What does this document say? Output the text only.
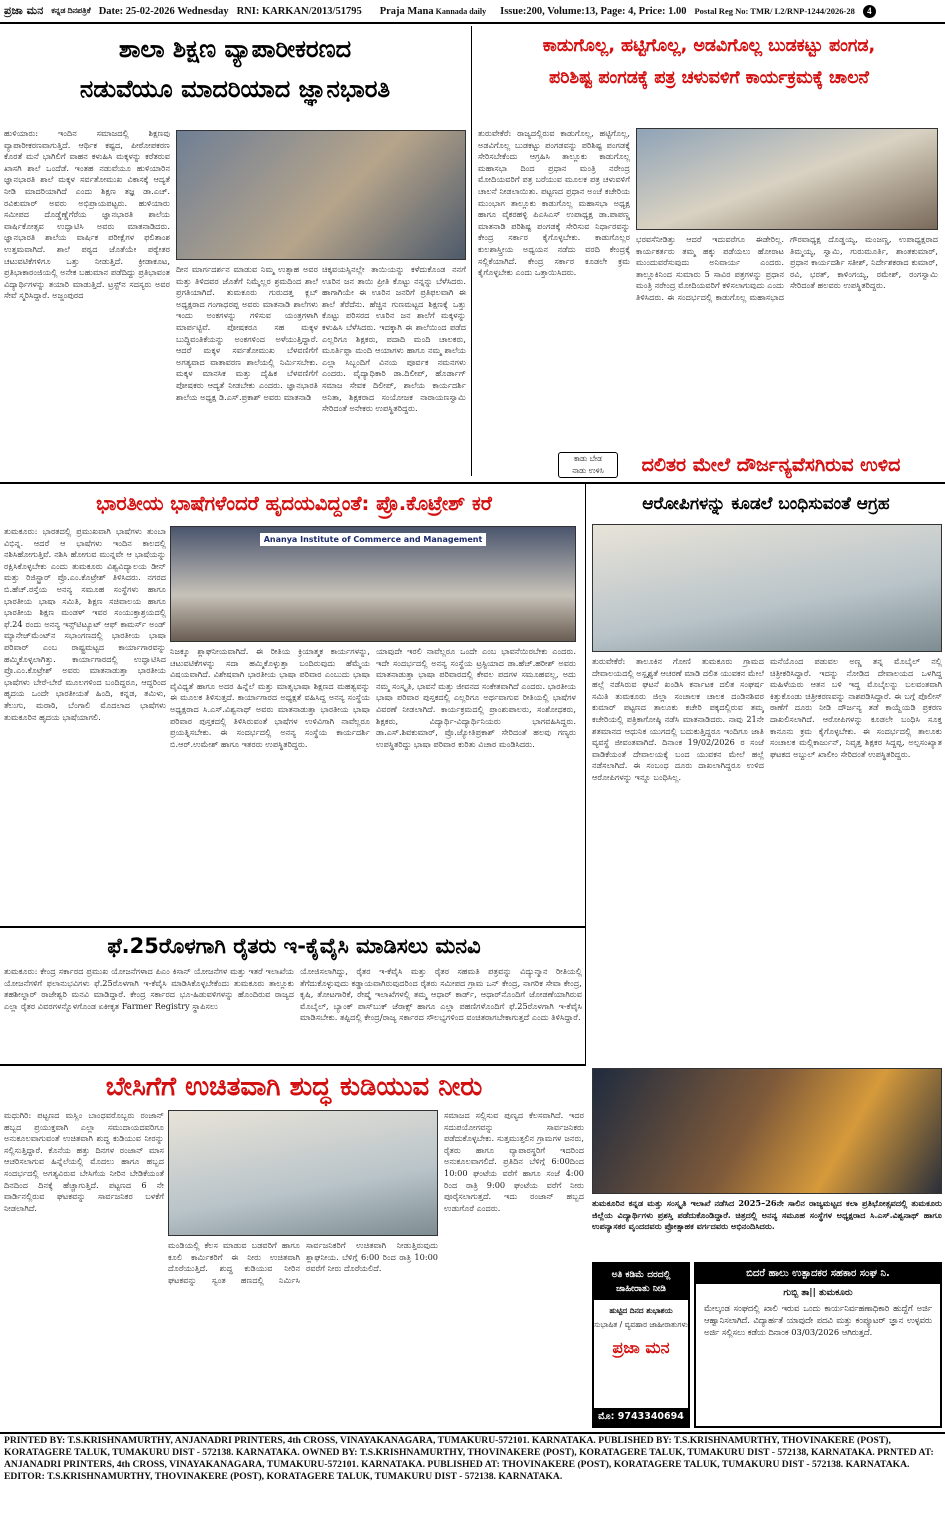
ಪ್ರಜಾ ಮನ ಕನ್ನಡ ದಿನಪತ್ರಿಕೆ Date: 25-02-2026 Wednesday RNI: KARKAN/2013/51795 Praja Mana Kannada daily Issue:200, Volume:13, Page: 4, Price: 1.00 Postal Reg No: TMR/ L2/RNP-1244/2026-28	4
ಶಾಲಾ ಶಿಕ್ಷಣ ವ್ಯಾಪಾರೀಕರಣದ
ನಡುವೆಯೂ ಮಾದರಿಯಾದ ಜ್ಞಾನಭಾರತಿ
ಹುಳಿಯಾರು: ಇಂದಿನ ಸಮಾಜದಲ್ಲಿ ಶಿಕ್ಷಣವು ವ್ಯಾಪಾರೀಕರಣವಾಗುತ್ತಿದೆ. ಆರ್ಥಿಕ ಕಷ್ಟದ, ಪೀಠೋಪಕರಣ ಕೊರತೆ ಮನೆ ಭಾಗಿಲಿಗೆ ವಾಹನ ಕಳುಹಿಸಿ ಮಕ್ಕಳನ್ನು ಕರೆತರುವ ಖಾಸಗಿ ಶಾಲೆ ಒಂದೆಡೆ. ಇಂತಹ ನಡುವೆಯೂ ಹುಳಿಯಾರಿನ ಜ್ಞಾನಭಾರತಿ ಶಾಲೆ ಮಕ್ಕಳ ಸರ್ವತೋಮುಖ ವಿಕಾಸಕ್ಕೆ ಆದ್ಯತೆ ನೀಡಿ ಮಾದರಿಯಾಗಿದೆ ಎಂದು ಶಿಕ್ಷಣ ತಜ್ಞ ಡಾ.ಎಚ್. ರವಿಕುಮಾರ್ ಅವರು ಅಭಿಪ್ರಾಯಪಟ್ಟರು. ಹುಳಿಯಾರು ಸಮೀಪದ ದೊಡ್ಡೆಣ್ಣೆಗೆರೆಯ ಜ್ಞಾನಭಾರತಿ ಶಾಲೆಯ ವಾರ್ಷಿಕೋತ್ಸವ ಉದ್ಘಾಟಿಸಿ ಅವರು ಮಾತನಾಡಿದರು. ಜ್ಞಾನಭಾರತಿ ಶಾಲೆಯ ವಾರ್ಷಿಕ ಪರೀಕ್ಷೆಗಳ ಫಲಿತಾಂಶ ಉತ್ತಮವಾಗಿದೆ. ಶಾಲೆ ಪಠ್ಯದ ಜೊತೆಯೇ ಪಠ್ಯೇತರ ಚಟುವಟಿಕೆಗಳಿಗೂ ಒತ್ತು ನೀಡುತ್ತಿದೆ. ಕ್ರೀಡಾಕೂಟ, ಪ್ರತಿಭಾಕಾರಂಜಿಯಲ್ಲಿ ಅನೇಕ ಬಹುಮಾನ ಪಡೆದಿದ್ದು ಪ್ರತಿಭಾವಂತ ವಿದ್ಯಾರ್ಥಿಗಳನ್ನು ತಯಾರಿ ಮಾಡುತ್ತಿದೆ. ಟ್ರಸ್ಟ್‌ನ ಸದಸ್ಯರು ಅವರ ಸೇವೆ ಸ್ಮರಿಸಿದ್ದಾರೆ. ಅಜ್ಜಂಪುರದ
ದೀನ ಮಾರ್ಗದರ್ಶನ ಮಾಡುವ ನಿಮ್ಮ ಉತ್ಸಾಹ ಅವರ ಮತ್ತು ತಿಳಿದವರ ಜೊತೆಗೆ ನಿಮ್ಮೆಲ್ಲರ ಶ್ರಮದಿಂದ ಶಾಲೆ ಪ್ರಗತಿಯಾಗಿದೆ. ತುಮಕೂರು ಗುರುದತ್ತ ಕ್ಲಬ್ ಅಧ್ಯಕ್ಷರಾದ ಗಂಗಾಧರಪ್ಪ ಅವರು ಮಾತನಾಡಿ ಶಾಲೆಗಳು ಇಂದು ಅಂಕಗಳನ್ನು ಗಳಿಸುವ ಯಂತ್ರಗಳಾಗಿ ಮಾರ್ಪಟ್ಟಿವೆ. ಪೋಷಕರೂ ಸಹ ಮಕ್ಕಳ ಬುದ್ಧಿವಂತಿಕೆಯನ್ನು ಅಂಕಗಳಿಂದ ಅಳೆಯುತ್ತಿದ್ದಾರೆ. ಆದರೆ ಮಕ್ಕಳ ಸರ್ವತೋಮುಖ ಬೆಳವಣಿಗೆಗೆ ಅಗತ್ಯವಾದ ವಾತಾವರಣ ಶಾಲೆಯಲ್ಲಿ ನಿರ್ಮಿಸಬೇಕು. ಮಕ್ಕಳ ಮಾನಸಿಕ ಮತ್ತು ದೈಹಿಕ ಬೆಳವಣಿಗೆಗೆ ಪೋಷಕರು ಆದ್ಯತೆ ನೀಡಬೇಕು ಎಂದರು. ಜ್ಞಾನಭಾರತಿ ಶಾಲೆಯ ಅಧ್ಯಕ್ಷ ಡಿ.ಎಸ್.ಪ್ರಕಾಶ್ ಅವರು ಮಾತನಾಡಿ
ಚಿಕ್ಕವಯಸ್ಸಿನಲ್ಲೇ ತಾಯಿಯನ್ನು ಕಳೆದುಕೊಂಡ ನನಗೆ ಊರಿನ ಜನ ತಾಯಿ ಪ್ರೀತಿ ಕೊಟ್ಟು ನನ್ನನ್ನು ಬೆಳೆಸಿದರು. ಹಾಗಾಗಿಯೇ ಈ ಊರಿನ ಜನರಿಗೆ ಪ್ರತಿಫಲವಾಗಿ ಈ ಶಾಲೆ ತೆರೆದೆನು. ಹೆಚ್ಚಿನ ಗುಣಮಟ್ಟದ ಶಿಕ್ಷಣಕ್ಕೆ ಒತ್ತು ಕೊಟ್ಟು ಪರಿಸರದ ಊರಿನ ಜನ ಶಾಲೆಗೆ ಮಕ್ಕಳನ್ನು ಕಳುಹಿಸಿ ಬೆಳೆಸಿದರು. ಇದಕ್ಕಾಗಿ ಈ ಶಾಲೆಯಿಂದ ಪಡೆದ ಎಲ್ಲರಿಗೂ ಶಿಕ್ಷಕರು, ಪದಾದಿ ಮಂದಿ ಚಾಲಕರು, ಮೂರ್ತಿಪ್ಪಾ ಮಂದಿ ಆಯಾಗಳು ಹಾಗೂ ನಮ್ಮ ಶಾಲೆಯ ಎಲ್ಲಾ ಸಿಬ್ಬಂದಿಗೆ ವಿನಯ ಪೂರ್ವಕ ನಮನಗಳು ಎಂದರು. ವೈದ್ಯಾಧಿಕಾರಿ ಡಾ.ದಿಲೀಪ್, ಹೊರ್ಡಾಗ್ ಸಮಾಜ ಸೇವಕ ದಿಲೀಪ್, ಶಾಲೆಯ ಕಾರ್ಯದರ್ಶಿ ಅನಿತಾ, ಶಿಕ್ಷಕರಾದ ಸಂಯೋಜಕ ನಾರಾಯಣಸ್ವಾಮಿ ಸೇರಿದಂತೆ ಅನೇಕರು ಉಪಸ್ಥಿತರಿದ್ದರು.
ಕಾಡುಗೊಲ್ಲ, ಹಟ್ಟಿಗೊಲ್ಲ, ಅಡವಿಗೊಲ್ಲ ಬುಡಕಟ್ಟು ಪಂಗಡ,
ಪರಿಶಿಷ್ಟ ಪಂಗಡಕ್ಕೆ ಪತ್ರ ಚಳುವಳಿಗೆ ಕಾರ್ಯಕ್ರಮಕ್ಕೆ ಚಾಲನೆ
ತುರುವೇಕೆರೆ: ರಾಜ್ಯದಲ್ಲಿರುವ ಕಾಡುಗೊಲ್ಲ, ಹಟ್ಟಿಗೊಲ್ಲ, ಅಡವಿಗೊಲ್ಲ ಬುಡಕಟ್ಟು ಪಂಗಡವನ್ನು ಪರಿಶಿಷ್ಟ ಪಂಗಡಕ್ಕೆ ಸೇರಿಸಬೇಕೆಂದು ಆಗ್ರಹಿಸಿ ತಾಲ್ಲೂಕು ಕಾಡುಗೊಲ್ಲ ಮಹಾಸಭಾ ದಿಂದ ಪ್ರಧಾನ ಮಂತ್ರಿ ನರೇಂದ್ರ ಮೋದಿಯವರಿಗೆ ಪತ್ರ ಬರೆಯುವ ಮೂಲಕ ಪತ್ರ ಚಳುವಳಿಗೆ ಚಾಲನೆ ನೀಡಲಾಯಿತು. ಪಟ್ಟಣದ ಪ್ರಧಾನ ಅಂಚೆ ಕಚೇರಿಯ ಮುಂಭಾಗ ತಾಲ್ಲೂಕು ಕಾಡುಗೊಲ್ಲ ಮಹಾಸಭಾ ಅಧ್ಯಕ್ಷ ಹಾಗೂ ವೈಕರಹಳ್ಳಿ ಪಿಎಸಿಎಸ್ ಉಪಾಧ್ಯಕ್ಷ ಡಾ.ಪಾಪಣ್ಣ ಮಾತನಾಡಿ ಪರಿಶಿಷ್ಟ ಪಂಗಡಕ್ಕೆ ಸೇರಿಸುವ ನಿರ್ಧಾರವನ್ನು ಕೇಂದ್ರ ಸರ್ಕಾರ ಕೈಗೊಳ್ಳಬೇಕು. ಕಾಡುಗೊಲ್ಲರ ಕುಲಶಾಸ್ತ್ರೀಯ ಅಧ್ಯಯನ ನಡೆದು ವರದಿ ಕೇಂದ್ರಕ್ಕೆ ಸಲ್ಲಿಕೆಯಾಗಿದೆ. ಕೇಂದ್ರ ಸರ್ಕಾರ ಕೂಡಲೇ ಕ್ರಮ ಕೈಗೊಳ್ಳಬೇಕು ಎಂದು ಒತ್ತಾಯಿಸಿದರು.
ಭರವಸೆನೀಡಿತ್ತು ಆದರೆ ಇದುವರೆಗೂ ಈಡೇರಿಲ್ಲ. ಕಾರ್ಯಕರ್ತರು ತಮ್ಮ ಹಕ್ಕು ಪಡೆಯಲು ಹೋರಾಟ ಮುಂದುವರೆಸುವುದು ಅನಿವಾರ್ಯ ಎಂದರು. ತಾಲ್ಲೂಕಿನಿಂದ ಸುಮಾರು 5 ಸಾವಿರ ಪತ್ರಗಳನ್ನು ಪ್ರಧಾನ ಮಂತ್ರಿ ನರೇಂದ್ರ ಮೋದಿಯವರಿಗೆ ಕಳಿಸಲಾಗುವುದು ಎಂದು ತಿಳಿಸಿದರು. ಈ ಸಂದರ್ಭದಲ್ಲಿ ಕಾಡುಗೊಲ್ಲ ಮಹಾಸಭಾದ ಗೌರವಾಧ್ಯಕ್ಷ ದೊಡ್ಡಯ್ಯ, ಮಂಜಣ್ಣ, ಉಪಾಧ್ಯಕ್ಷರಾದ ತಿಮ್ಮಯ್ಯ, ಸ್ವಾಮಿ, ಗುರುಮೂರ್ತಿ, ಶಾಂತಕುಮಾರ್, ಪ್ರಧಾನ ಕಾರ್ಯದರ್ಶಿ ಸತೀಶ್, ನಿರ್ದೇಶಕರಾದ ಕುಮಾರ್, ರವಿ, ಭರತ್, ಕಾಳಿಂಗಯ್ಯ, ರಮೇಶ್, ರಂಗಸ್ವಾಮಿ ಸೇರಿದಂತೆ ಹಲವರು ಉಪಸ್ಥಿತರಿದ್ದರು.
ಕಾಡು ಬೇಡ
ನಾಡು ಉಳಿಸಿ	ದಲಿತರ ಮೇಲೆ ದೌರ್ಜನ್ಯವೆಸಗಿರುವ ಉಳಿದ
ಭಾರತೀಯ ಭಾಷೆಗಳೆಂದರೆ ಹೃದಯವಿದ್ದಂತೆ: ಪ್ರೊ.ಕೊಟ್ರೇಶ್ ಕರೆ	ಆರೋಪಿಗಳನ್ನು ಕೂಡಲೆ ಬಂಧಿಸುವಂತೆ ಆಗ್ರಹ
ತುಮಕೂರು: ಭಾರತದಲ್ಲಿ ಪ್ರಮುಖವಾಗಿ ಭಾಷೆಗಳು ತುಂಬಾ ವಿಭಿನ್ನ. ಆದರೆ ಆ ಭಾಷೆಗಳು ಇಂದಿನ ಕಾಲದಲ್ಲಿ ನಶಿಸಿಹೋಗುತ್ತಿವೆ. ನಶಿಸಿ ಹೋಗುವ ಮುನ್ನವೇ ಆ ಭಾಷೆಯನ್ನು ರಕ್ಷಿಸಿಕೊಳ್ಳಬೇಕು ಎಂದು ತುಮಕೂರು ವಿಶ್ವವಿದ್ಯಾಲಯ ಡೀನ್ ಮತ್ತು ರಿಜಿಸ್ಟ್ರಾರ್ ಪ್ರೊ.ಎಂ.ಕೊಟ್ರೇಶ್ ತಿಳಿಸಿದರು. ನಗರದ ಬಿ.ಹೆಚ್.ರಸ್ತೆಯ ಅನನ್ಯ ಸಮೂಹ ಸಂಸ್ಥೆಗಳು ಹಾಗೂ ಭಾರತೀಯ ಭಾಷಾ ಸಮಿತಿ, ಶಿಕ್ಷಣ ಸಚಿವಾಲಯ ಹಾಗೂ ಭಾರತೀಯ ಶಿಕ್ಷಣ ಮಂಡಳ್ ಇವರ ಸಂಯುಕ್ತಾಶ್ರಯದಲ್ಲಿ ಫೆ.24 ರಂದು ಅನನ್ಯ ಇನ್ಸ್‌ಟಿಟ್ಯೂಟ್ ಆಫ್ ಕಾಮರ್ಸ್ ಅಂಡ್ ಮ್ಯಾನೇಜ್‌ಮೆಂಟ್‌ನ ಸಭಾಂಗಣದಲ್ಲಿ ಭಾರತೀಯ ಭಾಷಾ ಪರಿವಾರ್ ಎಂಬ ರಾಷ್ಟ್ರಮಟ್ಟದ ಕಾರ್ಯಾಗಾರವನ್ನು ಹಮ್ಮಿಕೊಳ್ಳಲಾಗಿತ್ತು. ಕಾರ್ಯಾಗಾರದಲ್ಲಿ ಉದ್ಘಾಟಿಸಿದ ಪ್ರೊ.ಎಂ.ಕೊಟ್ರೇಶ್ ಅವರು ಮಾತನಾಡುತ್ತಾ ಭಾರತೀಯ ಭಾಷೆಗಳು ಬೇರೆ-ಬೇರೆ ಮೂಲಗಳಿಂದ ಬಂದಿದ್ದರೂ, ಆದ್ದರಿಂದ ಹೃದಯ ಒಂದೇ ಭಾರತೀಯತೆ ಹಿಂದಿ, ಕನ್ನಡ, ತಮಿಳು, ತೆಲುಗು, ಮರಾಠಿ, ಬೆಂಗಾಲಿ ಮೊದಲಾದ ಭಾಷೆಗಳು ತುಮಕೂರಿನ ಹೃದಯ ಭಾಷೆಯಾಗಲಿ.
Ananya Institute of Commerce and Management
ನಿಜಕ್ಕೂ ಶ್ಲಾಘನೀಯವಾಗಿದೆ. ಈ ರೀತಿಯ ಕ್ರಿಯಾತ್ಮಕ ಕಾರ್ಯಗಳನ್ನು, ಚಟುವಟಿಕೆಗಳನ್ನು ಸದಾ ಹಮ್ಮಿಕೊಳ್ಳುತ್ತಾ ಬಂದಿರುವುದು ಹೆಮ್ಮೆಯ ವಿಷಯವಾಗಿದೆ. ವಿಶೇಷವಾಗಿ ಭಾರತೀಯ ಭಾಷಾ ಪರಿವಾರ ಎಂಬುದು ಭಾಷಾ ವೈವಿಧ್ಯತೆ ಹಾಗೂ ಅದರ ಹಿನ್ನೆಲೆ ಮತ್ತು ಮಾತೃಭಾಷಾ ಶಿಕ್ಷಣದ ಮಹತ್ವವನ್ನು ಈ ಮೂಲಕ ತಿಳಿಸುತ್ತದೆ. ಕಾರ್ಯಾಗಾರದ ಅಧ್ಯಕ್ಷತೆ ವಹಿಸಿದ್ದ ಅನನ್ಯ ಸಂಸ್ಥೆಯ ಅಧ್ಯಕ್ಷರಾದ ಸಿ.ಎಸ್.ವಿಶ್ವನಾಥ್ ಅವರು ಮಾತನಾಡುತ್ತಾ ಭಾರತೀಯ ಭಾಷಾ ಪರಿವಾರ ಪುಸ್ತಕದಲ್ಲಿ ತಿಳಿಸಿರುವಂತೆ ಭಾಷೆಗಳ ಉಳಿವಿಗಾಗಿ ನಾವೆಲ್ಲರೂ ಪ್ರಯತ್ನಿಸಬೇಕು. ಈ ಸಂದರ್ಭದಲ್ಲಿ ಅನನ್ಯ ಸಂಸ್ಥೆಯ ಕಾರ್ಯದರ್ಶಿ ಬಿ.ಆರ್.ಉಮೇಶ್ ಹಾಗೂ ಇತರರು ಉಪಸ್ಥಿತರಿದ್ದರು.
ಯಾವುದೇ ಇರಲಿ ನಾವೆಲ್ಲರೂ ಒಂದೇ ಎಂಬ ಭಾವನೆಯಿರಬೇಕು ಎಂದರು. ಇದೇ ಸಂದರ್ಭದಲ್ಲಿ ಅನನ್ಯ ಸಂಸ್ಥೆಯ ಟ್ರಸ್ಟಿಯಾದ ಡಾ.ಹೆಚ್.ಹರೀಶ್ ಅವರು ಮಾತನಾಡುತ್ತಾ ಭಾಷಾ ಪರಿವಾರದಲ್ಲಿ ಕೇವಲ ಪದಗಳ ಸಮೂಹವಲ್ಲ, ಅದು ನಮ್ಮ ಸಂಸ್ಕೃತಿ, ಭಾವನೆ ಮತ್ತು ಜೀವನದ ಸಂಕೇತವಾಗಿದೆ ಎಂದರು. ಭಾರತೀಯ ಭಾಷಾ ಪರಿವಾರ ಪುಸ್ತಕದಲ್ಲಿ ಎಲ್ಲರಿಗೂ ಅರ್ಥವಾಗುವ ರೀತಿಯಲ್ಲಿ ಭಾಷೆಗಳ ವಿವರಣೆ ನೀಡಲಾಗಿದೆ. ಕಾರ್ಯಕ್ರಮದಲ್ಲಿ ಪ್ರಾಂಶುಪಾಲರು, ಸಂಶೋಧಕರು, ಶಿಕ್ಷಕರು, ವಿದ್ಯಾರ್ಥಿ-ವಿದ್ಯಾರ್ಥಿನಿಯರು ಭಾಗವಹಿಸಿದ್ದರು. ಡಾ.ಎಸ್.ಶಿವಕುಮಾರ್, ಪ್ರೊ.ಜ್ಯೋತಿಪ್ರಕಾಶ್ ಸೇರಿದಂತೆ ಹಲವು ಗಣ್ಯರು ಉಪಸ್ಥಿತರಿದ್ದು ಭಾಷಾ ಪರಿವಾರ ಕುರಿತು ವಿಚಾರ ಮಂಡಿಸಿದರು.
ತುರುವೇಕೆರೆ: ತಾಲೂಕಿನ ಗೋಣಿ ತುಮಕೂರು ಗ್ರಾಮದ ದೇವಾಲಯದಲ್ಲಿ ಅಸ್ಪೃಶ್ಯತೆ ಆಚರಣೆ ಮಾಡಿ ದಲಿತ ಯುವಕನ ಮೇಲೆ ಹಲ್ಲೆ ನಡೆಸಿರುವ ಘಟನೆ ಖಂಡಿಸಿ ಕರ್ನಾಟಕ ದಲಿತ ಸಂಘರ್ಷ ಸಮಿತಿ ತುಮಕೂರು ಜಿಲ್ಲಾ ಸಂಚಾಲಕ ಚಾಲಕ ದಂಡಿನಶಿವರ ಕುಮಾರ್ ಪಟ್ಟಣದ ತಾಲೂಕು ಕಚೇರಿ ಪಕ್ಕದಲ್ಲಿರುವ ತಮ್ಮ ಕಚೇರಿಯಲ್ಲಿ ಪತ್ರಿಕಾಗೋಷ್ಠಿ ನಡೆಸಿ ಮಾತನಾಡಿದರು. ನಾವು 21ನೇ ಶತಮಾನದ ಆಧುನಿಕ ಯುಗದಲ್ಲಿ ಬದುಕುತ್ತಿದ್ದರೂ ಇಂದಿಗೂ ಜಾತಿ ವ್ಯವಸ್ಥೆ ಜೀವಂತವಾಗಿದೆ. ದಿನಾಂಕ 19/02/2026 ರ ಸಂಜೆ ವಾಡಿಕೆಯಂತೆ ದೇವಾಲಯಕ್ಕೆ ಬಂದ ಯುವಕನ ಮೇಲೆ ಹಲ್ಲೆ ನಡೆಸಲಾಗಿದೆ. ಈ ಸಂಬಂಧ ದೂರು ದಾಖಲಾಗಿದ್ದರೂ ಉಳಿದ ಆರೋಪಿಗಳನ್ನು ಇನ್ನೂ ಬಂಧಿಸಿಲ್ಲ.
ಮನೆಯೊಂದ ಪಡುವಲ ಅಣ್ಣ ತನ್ನ ಮೊಬೈಲ್ ನಲ್ಲಿ ಚಿತ್ರೀಕರಿಸಿದ್ದಾರೆ. ಇದನ್ನು ನೋಡಿದ ದೇವಾಲಯದ ಒಳಗಿದ್ದ ಮಹಿಳೆಯರು ಆತನ ಬಳಿ ಇದ್ದ ಮೊಬೈಲನ್ನು ಬಲವಂತವಾಗಿ ಕಿತ್ತುಕೊಂಡು ಚಿತ್ರೀಕರಣವನ್ನು ನಾಶಪಡಿಸಿದ್ದಾರೆ. ಈ ಬಗ್ಗೆ ಪೊಲೀಸ್ ಠಾಣೆಗೆ ದೂರು ನೀಡಿ ದೌರ್ಜನ್ಯ ತಡೆ ಕಾಯ್ದೆಯಡಿ ಪ್ರಕರಣ ದಾಖಲಿಸಲಾಗಿದೆ. ಆರೋಪಿಗಳನ್ನು ಕೂಡಲೇ ಬಂಧಿಸಿ ಸೂಕ್ತ ಕಾನೂನು ಕ್ರಮ ಕೈಗೊಳ್ಳಬೇಕು. ಈ ಸಂದರ್ಭದಲ್ಲಿ ತಾಲೂಕು ಸಂಚಾಲಕ ಮಲ್ಲಿಕಾರ್ಜುನ್, ನಿವೃತ್ತ ಶಿಕ್ಷಕರ ಸಿದ್ದಪ್ಪ, ಅಲ್ಪಸಂಖ್ಯಾತ ಘಟಕದ ಅಬ್ದುಲ್ ಖಾಲೀಂ ಸೇರಿದಂತೆ ಉಪಸ್ಥಿತರಿದ್ದರು.
ಫೆ.25ರೊಳಗಾಗಿ ರೈತರು ಇ-ಕೈವೈಸಿ ಮಾಡಿಸಲು ಮನವಿ
ತುಮಕೂರು: ಕೇಂದ್ರ ಸರ್ಕಾರದ ಪ್ರಮುಖ ಯೋಜನೆಗಳಾದ ಪಿಎಂ ಕಿಸಾನ್ ಯೋಜನೆಗಳ ಮತ್ತು ಇತರೆ ಇಲಾಖೆಯ ಯೋಜನೆಗಳಿಗೆ ಫಲಾನುಭವಿಗಳು ಫೆ.25ರೊಳಗಾಗಿ ಇ-ಕೆವೈಸಿ ಮಾಡಿಸಿಕೊಳ್ಳಬೇಕೆಂದು ತುಮಕೂರು ತಾಲ್ಲೂಕು ತಹಶೀಲ್ದಾರ್ ರಾಜೇಶ್ವರಿ ಮನವಿ ಮಾಡಿದ್ದಾರೆ. ಕೇಂದ್ರ ಸರ್ಕಾರದ ಭೂ-ಹಿಡುವಳಿಗಳನ್ನು ಹೊಂದಿರುವ ರಾಜ್ಯದ ಎಲ್ಲಾ ರೈತರ ವಿವರಗಳನ್ನೊಳಗೊಂಡ ಏಕೀಕೃತ Farmer Registry ಸ್ಥಾಪಿಸಲು
ಯೋಜಿಸಲಾಗಿದ್ದು, ರೈತರ ಇ-ಕೆವೈಸಿ ಮತ್ತು ರೈತರ ಸಹಮತಿ ಪತ್ರವನ್ನು ವಿದ್ಯುನ್ಮಾನ ರೀತಿಯಲ್ಲಿ ತೆಗೆದುಕೊಳ್ಳುವುದು ಕಡ್ಡಾಯವಾಗಿರುವುದರಿಂದ ರೈತರು ಸಮೀಪದ ಗ್ರಾಮ ಒನ್ ಕೇಂದ್ರ, ನಾಗರಿಕ ಸೇವಾ ಕೇಂದ್ರ, ಕೃಷಿ, ತೋಟಗಾರಿಕೆ, ರೇಷ್ಮೆ ಇಲಾಖೆಗಳಲ್ಲಿ ತಮ್ಮ ಆಧಾರ್ ಕಾರ್ಡ್, ಆಧಾರ್‌ನೊಂದಿಗೆ ಜೋಡಣೆಯಾಗಿರುವ ಮೊಬೈಲ್, ಬ್ಯಾಂಕ್ ಪಾಸ್‌ಬುಕ್ ಜೆರಾಕ್ಸ್ ಹಾಗೂ ಎಲ್ಲಾ ಪಹಣಿಗಳೊಂದಿಗೆ ಫೆ.25ರೊಳಗಾಗಿ ಇ-ಕೆವೈಸಿ ಮಾಡಿಸಬೇಕು. ತಪ್ಪಿದಲ್ಲಿ ಕೇಂದ್ರ/ರಾಜ್ಯ ಸರ್ಕಾರದ ಸೌಲಭ್ಯಗಳಿಂದ ವಂಚಿತರಾಗಬೇಕಾಗುತ್ತದೆ ಎಂದು ತಿಳಿಸಿದ್ದಾರೆ.
ಬೇಸಿಗೆಗೆ ಉಚಿತವಾಗಿ ಶುದ್ಧ ಕುಡಿಯುವ ನೀರು
ಮಧುಗಿರಿ: ಪಟ್ಟಣದ ಮಸ್ಲಿಂ ಬಾಂಧವರೊಬ್ಬರು ರಂಜಾನ್ ಹಬ್ಬದ ಪ್ರಯುಕ್ತವಾಗಿ ಎಲ್ಲಾ ಸಮುದಾಯದವರಿಗೂ ಅನುಕೂಲವಾಗುವಂತೆ ಉಚಿತವಾಗಿ ಶುದ್ಧ ಕುಡಿಯುವ ನೀರನ್ನು ಸಲ್ಲಿಸುತ್ತಿದ್ದಾರೆ. ಕೊನೆಯ ಹತ್ತು ದಿನಗಳ ರಂಜಾನ್ ಮಾಸ ಆಚರಿಸಲಾಗುವ ಹಿನ್ನೆಲೆಯಲ್ಲಿ ಮೊದಲು ಹಾಗೂ ಹಬ್ಬದ ಸಂದರ್ಭದಲ್ಲಿ ಅಗತ್ಯವಿರುವ ಬೇಸಿಗೆಯ ನೀರಿನ ಬೇಡಿಕೆಯಂತೆ ದಿನದಿಂದ ದಿನಕ್ಕೆ ಹೆಚ್ಚಾಗುತ್ತಿದೆ. ಪಟ್ಟಣದ 6 ನೇ ವಾರ್ಡಿನಲ್ಲಿರುವ ಘಟಕವನ್ನು ಸಾರ್ವಜನಿಕರ ಬಳಕೆಗೆ ನೀಡಲಾಗಿದೆ.
ಮಂಡಿಯಲ್ಲಿ ಕೆಲಸ ಮಾಡುವ ಬಡವರಿಗೆ ಹಾಗೂ ಕೂಲಿ ಕಾರ್ಮಿಕರಿಗೆ ಈ ನೀರು ಉಚಿತವಾಗಿ ದೊರೆಯುತ್ತಿದೆ. ಶುದ್ಧ ಕುಡಿಯುವ ನೀರಿನ ಘಟಕವನ್ನು ಸ್ವಂತ ಹಣದಲ್ಲಿ ನಿರ್ಮಿಸಿ ಸಾರ್ವಜನಿಕರಿಗೆ ಉಚಿತವಾಗಿ ನೀಡುತ್ತಿರುವುದು ಶ್ಲಾಘನೀಯ. ಬೆಳಿಗ್ಗೆ 6:00 ರಿಂದ ರಾತ್ರಿ 10:00 ರವರೆಗೆ ನೀರು ದೊರೆಯಲಿದೆ.
ಸಮಾಜದ ಸಲ್ಲಿಸುವ ಪುಣ್ಯದ ಕೆಲಸವಾಗಿದೆ. ಇದರ ಸದುಪಯೋಗವನ್ನು ಸಾರ್ವಜನಿಕರು ಪಡೆದುಕೊಳ್ಳಬೇಕು. ಸುತ್ತಮುತ್ತಲಿನ ಗ್ರಾಮಗಳ ಜನರು, ರೈತರು ಹಾಗೂ ವ್ಯಾಪಾರಸ್ಥರಿಗೆ ಇದರಿಂದ ಅನುಕೂಲವಾಗಲಿದೆ. ಪ್ರತಿದಿನ ಬೆಳಿಗ್ಗೆ 6:00ದಿಂದ 10:00 ಘಂಟೆಯ ವರೆಗೆ ಹಾಗೂ ಸಂಜೆ 4:00 ರಿಂದ ರಾತ್ರಿ 9:00 ಘಂಟೆಯ ವರೆಗೆ ನೀರು ಪೂರೈಸಲಾಗುತ್ತದೆ. ಇದು ರಂಜಾನ್ ಹಬ್ಬದ ಉಡುಗೊರೆ ಎಂದರು.	ತುಮಕೂರಿನ ಕನ್ನಡ ಮತ್ತು ಸಂಸ್ಕೃತಿ ಇಲಾಖೆ ನಡೆಸಿದ 2025–26ನೇ ಸಾಲಿನ ರಾಜ್ಯಮಟ್ಟದ ಕಲಾ ಪ್ರತಿಭೋತ್ಸವದಲ್ಲಿ ತುಮಕೂರು ಜಿಲ್ಲೆಯ ವಿದ್ಯಾರ್ಥಿಗಳು ಪ್ರಶಸ್ತಿ ಪಡೆದುಕೊಂಡಿದ್ದಾರೆ. ಚಿತ್ರದಲ್ಲಿ ಅನನ್ಯ ಸಮೂಹ ಸಂಸ್ಥೆಗಳ ಅಧ್ಯಕ್ಷರಾದ ಸಿ.ಎಸ್.ವಿಶ್ವನಾಥ್ ಹಾಗೂ ಉಪನ್ಯಾಸಕರ ವೃಂದದವರು ಪ್ರೋತ್ಸಾಹಕ ವರ್ಗದವರು ಅಭಿನಂದಿಸಿದರು.
ಅತಿ ಕಡಿಮೆ ದರದಲ್ಲಿ ಜಾಹೀರಾತು ನೀಡಿ
ಹುಟ್ಟಿದ ದಿನದ ಶುಭಾಶಯ
ಸುಭಾಷಿತ / ವ್ಯವಹಾರ ಜಾಹೀರಾತುಗಳು
ಪ್ರಜಾ ಮನ
ಮೊ: 9743340694
ಬಿದರೆ ಹಾಲು ಉತ್ಪಾದಕರ ಸಹಕಾರ ಸಂಘ ನಿ.
ಗುಬ್ಬಿ ತಾ|| ತುಮಕೂರು
ಮೇಲ್ಕಂಡ ಸಂಘದಲ್ಲಿ ಖಾಲಿ ಇರುವ ಒಂದು ಕಾರ್ಯನಿರ್ವಹಣಾಧಿಕಾರಿ ಹುದ್ದೆಗೆ ಅರ್ಜಿ ಆಹ್ವಾನಿಸಲಾಗಿದೆ. ವಿದ್ಯಾರ್ಹತೆ ಯಾವುದೇ ಪದವಿ ಮತ್ತು ಕಂಪ್ಯೂಟರ್ ಜ್ಞಾನ ಉಳ್ಳವರು ಅರ್ಜಿ ಸಲ್ಲಿಸಲು ಕಡೆಯ ದಿನಾಂಕ 03/03/2026 ಆಗಿರುತ್ತದೆ.
PRINTED BY: T.S.KRISHNAMURTHY, ANJANADRI PRINTERS, 4th CROSS, VINAYAKANAGARA, TUMAKURU-572101. KARNATAKA. PUBLISHED BY: T.S.KRISHNAMURTHY, THOVINAKERE (POST), KORATAGERE TALUK, TUMAKURU DIST - 572138. KARNATAKA. OWNED BY: T.S.KRISHNAMURTHY, THOVINAKERE (POST), KORATAGERE TALUK, TUMAKURU DIST - 572138, KARNATAKA. PRNTED AT: ANJANADRI PRINTERS, 4th CROSS, VINAYAKANAGARA, TUMAKURU-572101. KARNATAKA. PUBLISHED AT: THOVINAKERE (POST), KORATAGERE TALUK, TUMAKURU DIST - 572138. KARNATAKA.
EDITOR: T.S.KRISHNAMURTHY, THOVINAKERE (POST), KORATAGERE TALUK, TUMAKURU DIST - 572138. KARNATAKA.
